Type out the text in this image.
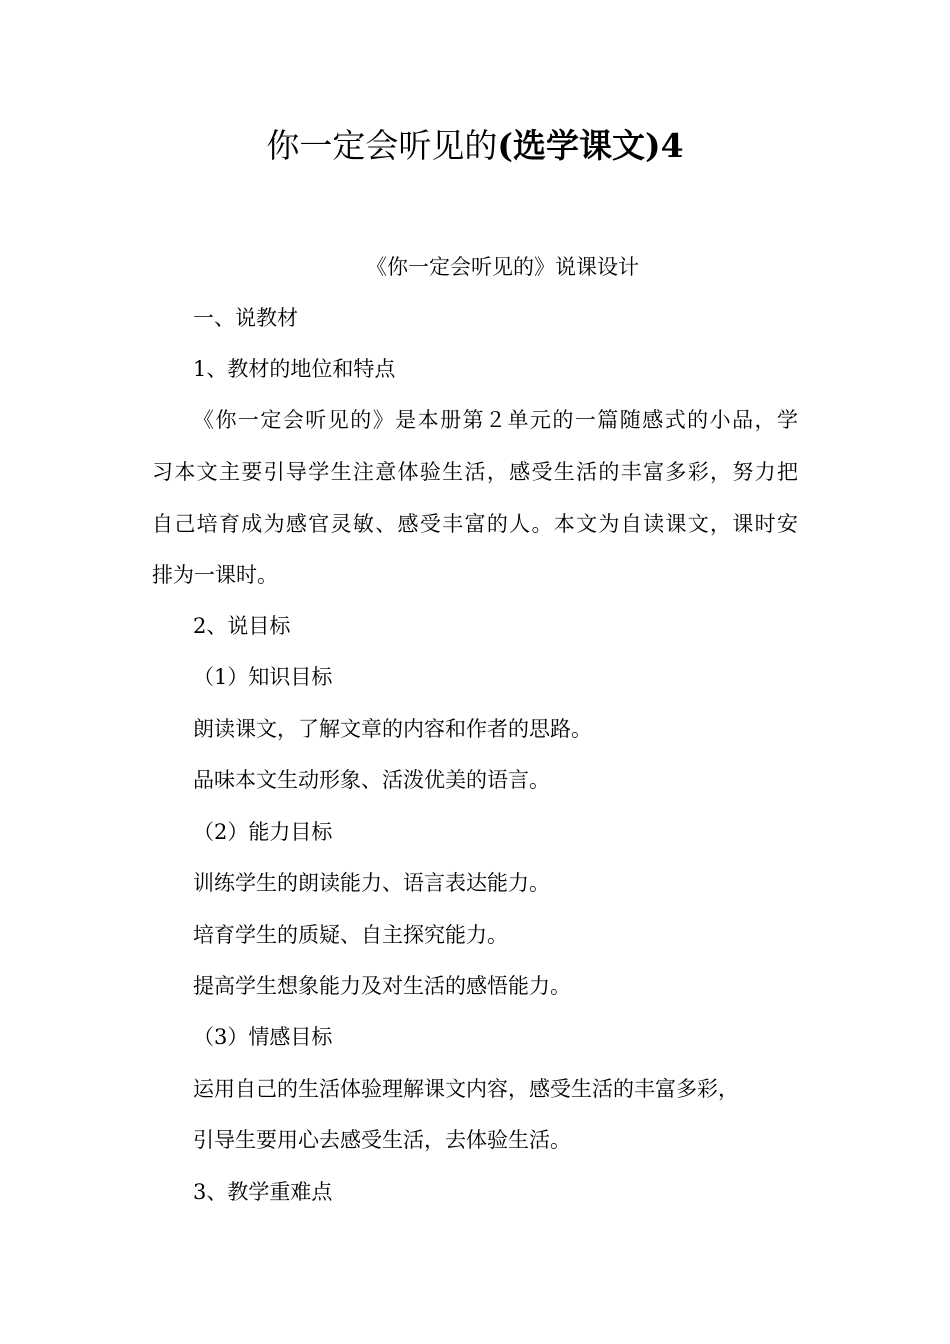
你一定会听见的(选学课文)4

《你一定会听见的》说课设计

一、说教材

1、教材的地位和特点

《你一定会听见的》是本册第２单元的一篇随感式的小品，学

习本文主要引导学生注意体验生活，感受生活的丰富多彩，努力把

自己培育成为感官灵敏、感受丰富的人。本文为自读课文，课时安

排为一课时。

2、说目标

（1）知识目标

朗读课文，了解文章的内容和作者的思路。

品味本文生动形象、活泼优美的语言。

（2）能力目标

训练学生的朗读能力、语言表达能力。

培育学生的质疑、自主探究能力。

提高学生想象能力及对生活的感悟能力。

（3）情感目标

运用自己的生活体验理解课文内容，感受生活的丰富多彩，

引导生要用心去感受生活，去体验生活。

3、教学重难点
